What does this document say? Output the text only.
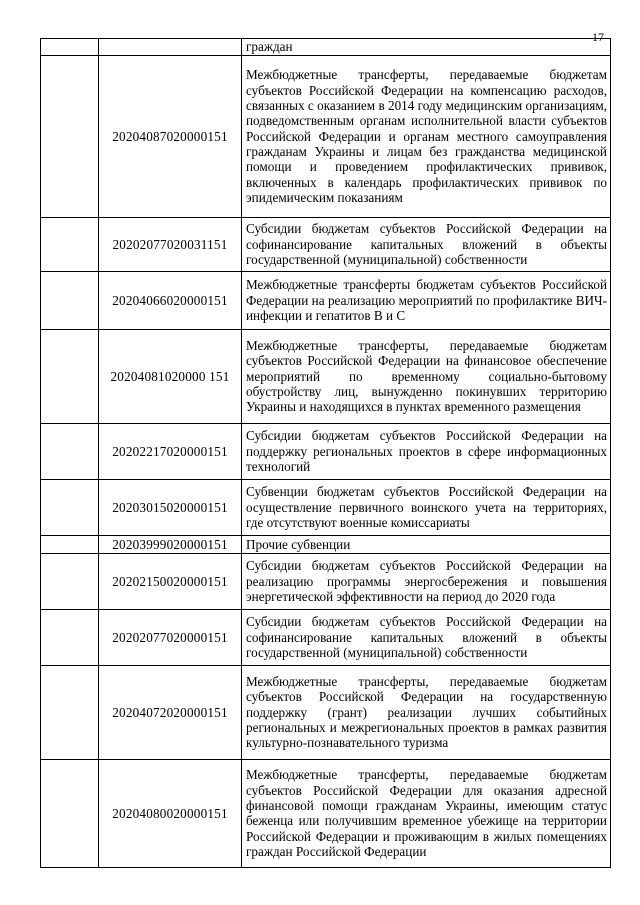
17
		граждан
	20204087020000151	Межбюджетные трансферты, передаваемые бюджетам субъектов Российской Федерации на компенсацию расходов, связанных с оказанием в 2014 году медицинским организациям, подведомственным органам исполнительной власти субъектов Российской Федерации и органам местного самоуправления гражданам Украины и лицам без гражданства медицинской помощи и проведением профилактических прививок, включенных в календарь профилактических прививок по эпидемическим показаниям
	20202077020031151	Субсидии бюджетам субъектов Российской Федерации на софинансирование капитальных вложений в объекты государственной (муниципальной) собственности
	20204066020000151	Межбюджетные трансферты бюджетам субъектов Российской Федерации на реализацию мероприятий по профилактике ВИЧ-инфекции и гепатитов B и C
	20204081020000 151	Межбюджетные трансферты, передаваемые бюджетам субъектов Российской Федерации на финансовое обеспечение мероприятий по временному социально-бытовому обустройству лиц, вынужденно покинувших территорию Украины и находящихся в пунктах временного размещения
	20202217020000151	Субсидии бюджетам субъектов Российской Федерации на поддержку региональных проектов в сфере информационных технологий
	20203015020000151	Субвенции бюджетам субъектов Российской Федерации на осуществление первичного воинского учета на территориях, где отсутствуют военные комиссариаты
	20203999020000151	Прочие субвенции
	20202150020000151	Субсидии бюджетам субъектов Российской Федерации на реализацию программы энергосбережения и повышения энергетической эффективности на период до 2020 года
	20202077020000151	Субсидии бюджетам субъектов Российской Федерации на софинансирование капитальных вложений в объекты государственной (муниципальной) собственности
	20204072020000151	Межбюджетные трансферты, передаваемые бюджетам субъектов Российской Федерации на государственную поддержку (грант) реализации лучших событийных региональных и межрегиональных проектов в рамках развития культурно-познавательного туризма
	20204080020000151	Межбюджетные трансферты, передаваемые бюджетам субъектов Российской Федерации для оказания адресной финансовой помощи гражданам Украины, имеющим статус беженца или получившим временное убежище на территории Российской Федерации и проживающим в жилых помещениях граждан Российской Федерации
